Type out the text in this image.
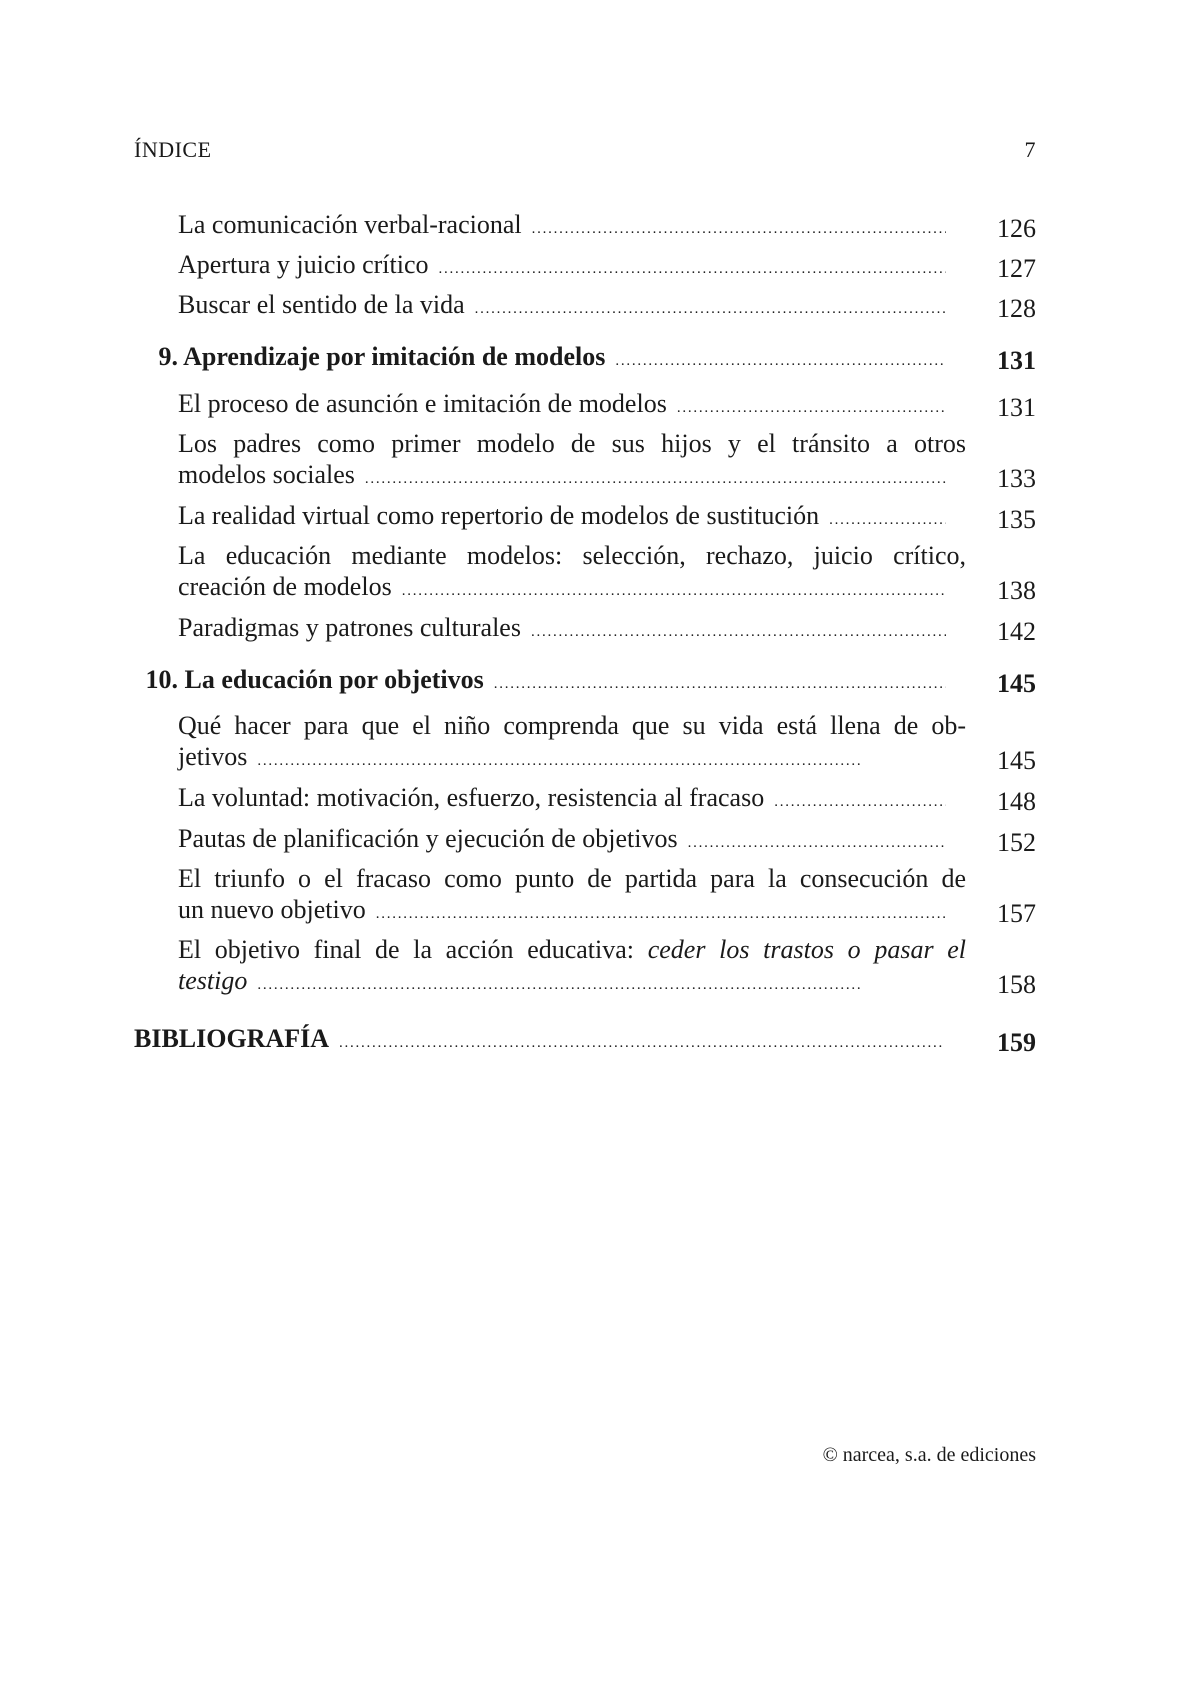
ÍNDICE	7
La comunicación verbal-racional . . .	126
Apertura y juicio crítico . . .	127
Buscar el sentido de la vida . . .	128
9. Aprendizaje por imitación de modelos . . .	131
El proceso de asunción e imitación de modelos . . .	131
Los padres como primer modelo de sus hijos y el tránsito a otros
modelos sociales . . .	133
La realidad virtual como repertorio de modelos de sustitución . . .	135
La educación mediante modelos: selección, rechazo, juicio crítico,
creación de modelos . . .	138
Paradigmas y patrones culturales . . .	142
10. La educación por objetivos . . .	145
Qué hacer para que el niño comprenda que su vida está llena de ob-
jetivos . . .	145
La voluntad: motivación, esfuerzo, resistencia al fracaso . . .	148
Pautas de planificación y ejecución de objetivos . . .	152
El triunfo o el fracaso como punto de partida para la consecución de
un nuevo objetivo . . .	157
El objetivo final de la acción educativa: ceder los trastos o pasar el
testigo . . .	158
BIBLIOGRAFÍA . . .	159
© narcea, s.a. de ediciones
